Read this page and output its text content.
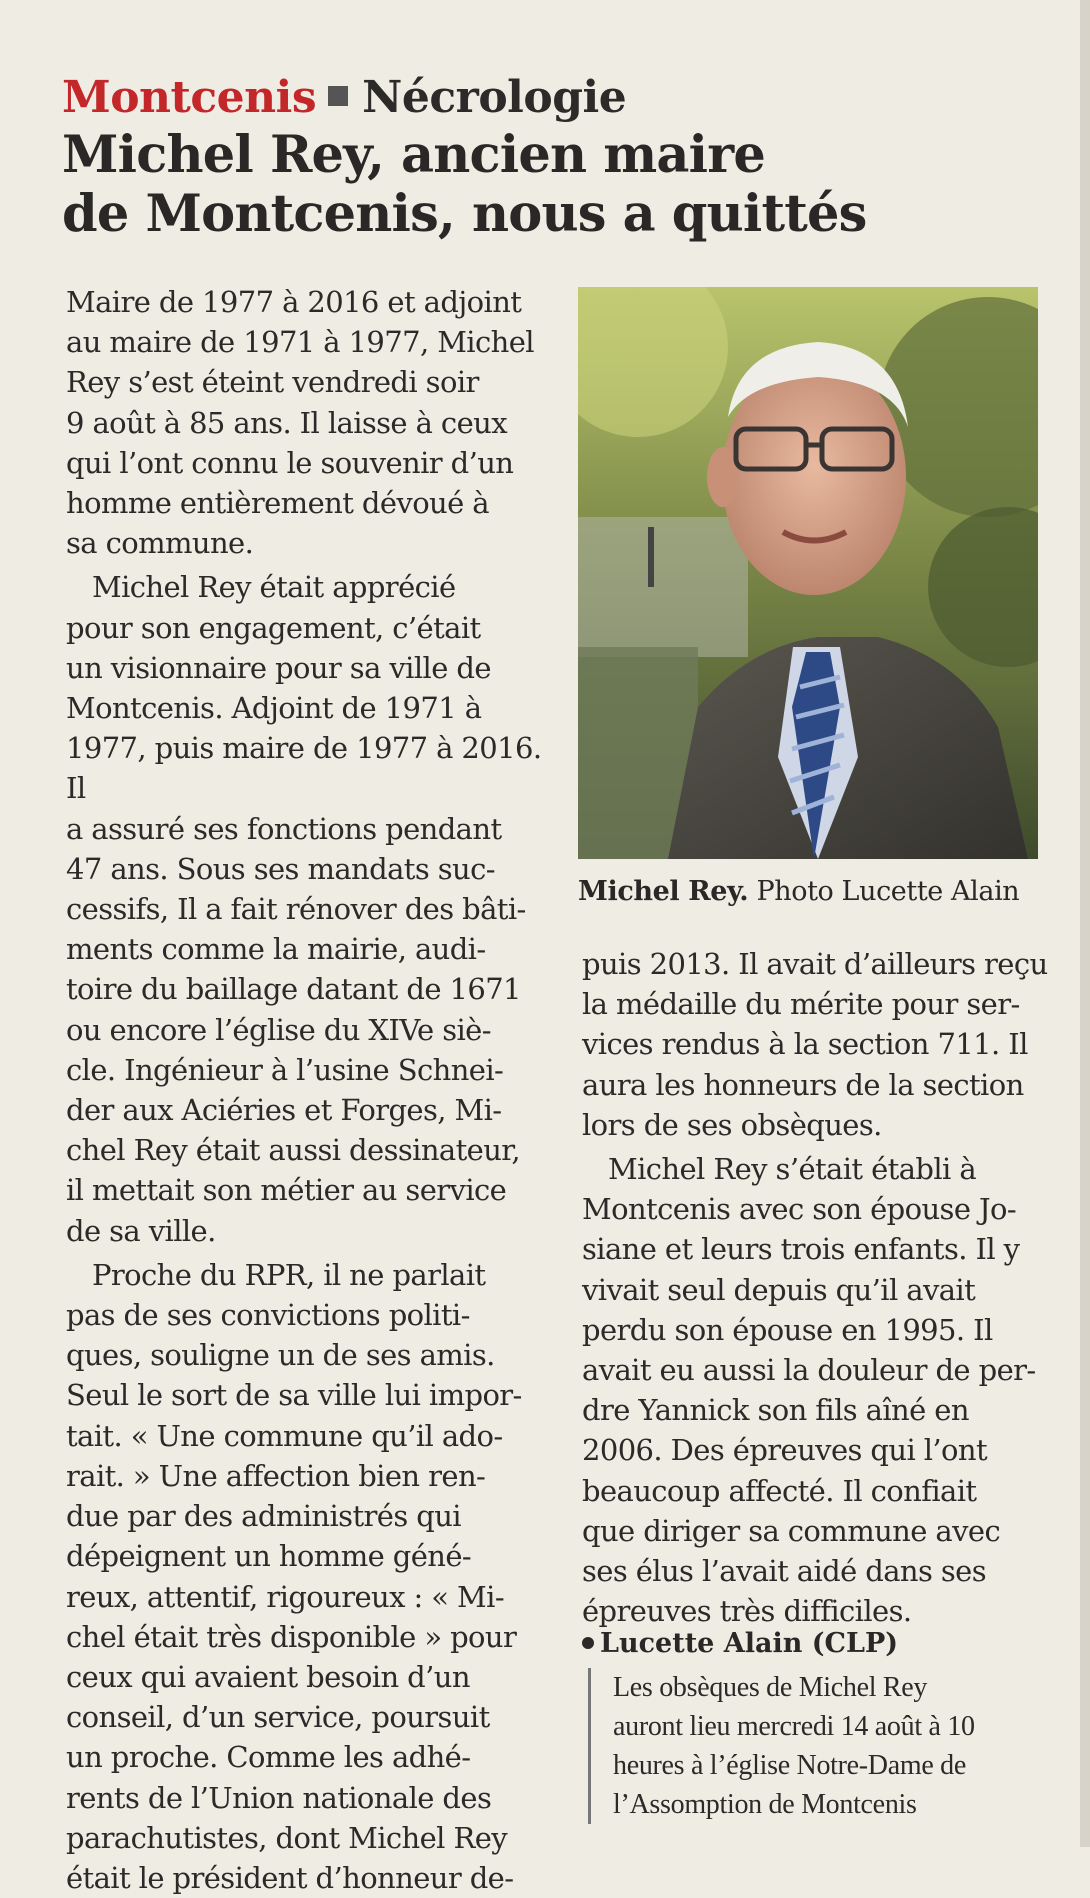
Montcenis Nécrologie
Michel Rey, ancien maire
de Montcenis, nous a quittés

Maire de 1977 à 2016 et adjoint
au maire de 1971 à 1977, Michel
Rey s’est éteint vendredi soir
9 août à 85 ans. Il laisse à ceux
qui l’ont connu le souvenir d’un
homme entièrement dévoué à
sa commune.

Michel Rey était apprécié
pour son engagement, c’était
un visionnaire pour sa ville de
Montcenis. Adjoint de 1971 à
1977, puis maire de 1977 à 2016. Il
a assuré ses fonctions pendant
47 ans. Sous ses mandats suc-
cessifs, Il a fait rénover des bâti-
ments comme la mairie, audi-
toire du baillage datant de 1671
ou encore l’église du XIVe siè-
cle. Ingénieur à l’usine Schnei-
der aux Aciéries et Forges, Mi-
chel Rey était aussi dessinateur,
il mettait son métier au service
de sa ville.

Proche du RPR, il ne parlait
pas de ses convictions politi-
ques, souligne un de ses amis.
Seul le sort de sa ville lui impor-
tait. « Une commune qu’il ado-
rait. » Une affection bien ren-
due par des administrés qui
dépeignent un homme géné-
reux, attentif, rigoureux : « Mi-
chel était très disponible » pour
ceux qui avaient besoin d’un
conseil, d’un service, poursuit
un proche. Comme les adhé-
rents de l’Union nationale des
parachutistes, dont Michel Rey
était le président d’honneur de-

Michel Rey. Photo Lucette Alain

puis 2013. Il avait d’ailleurs reçu
la médaille du mérite pour ser-
vices rendus à la section 711. Il
aura les honneurs de la section
lors de ses obsèques.

Michel Rey s’était établi à
Montcenis avec son épouse Jo-
siane et leurs trois enfants. Il y
vivait seul depuis qu’il avait
perdu son épouse en 1995. Il
avait eu aussi la douleur de per-
dre Yannick son fils aîné en
2006. Des épreuves qui l’ont
beaucoup affecté. Il confiait
que diriger sa commune avec
ses élus l’avait aidé dans ses
épreuves très difficiles.

Lucette Alain (CLP)

Les obsèques de Michel Rey
auront lieu mercredi 14 août à 10
heures à l’église Notre-Dame de
l’Assomption de Montcenis
